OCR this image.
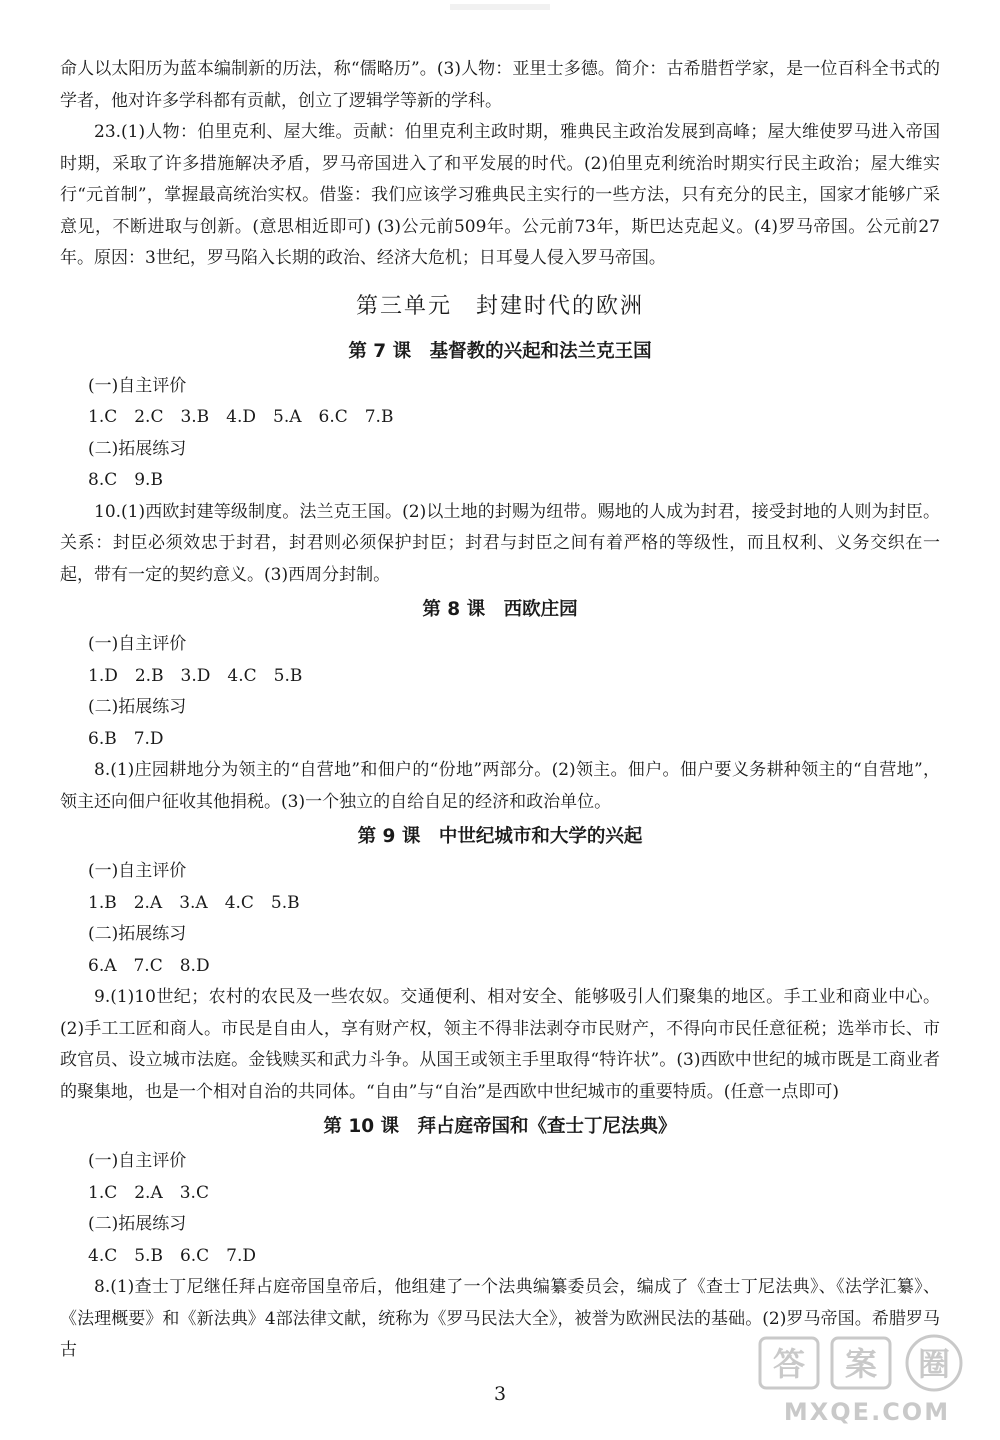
命人以太阳历为蓝本编制新的历法，称“儒略历”。(3)人物：亚里士多德。简介：古希腊哲学家，是一位百科全书式的学者，他对许多学科都有贡献，创立了逻辑学等新的学科。

23.(1)人物：伯里克利、屋大维。贡献：伯里克利主政时期，雅典民主政治发展到高峰；屋大维使罗马进入帝国时期，采取了许多措施解决矛盾，罗马帝国进入了和平发展的时代。(2)伯里克利统治时期实行民主政治；屋大维实行“元首制”，掌握最高统治实权。借鉴：我们应该学习雅典民主实行的一些方法，只有充分的民主，国家才能够广采意见，不断进取与创新。(意思相近即可) (3)公元前509年。公元前73年，斯巴达克起义。(4)罗马帝国。公元前27年。原因：3世纪，罗马陷入长期的政治、经济大危机；日耳曼人侵入罗马帝国。

第三单元　封建时代的欧洲
第 7 课　基督教的兴起和法兰克王国

(一)自主评价

1.C　2.C　3.B　4.D　5.A　6.C　7.B

(二)拓展练习

8.C　9.B

10.(1)西欧封建等级制度。法兰克王国。(2)以土地的封赐为纽带。赐地的人成为封君，接受封地的人则为封臣。关系：封臣必须效忠于封君，封君则必须保护封臣；封君与封臣之间有着严格的等级性，而且权利、义务交织在一起，带有一定的契约意义。(3)西周分封制。

第 8 课　西欧庄园

(一)自主评价

1.D　2.B　3.D　4.C　5.B

(二)拓展练习

6.B　7.D

8.(1)庄园耕地分为领主的“自营地”和佃户的“份地”两部分。(2)领主。佃户。佃户要义务耕种领主的“自营地”，领主还向佃户征收其他捐税。(3)一个独立的自给自足的经济和政治单位。

第 9 课　中世纪城市和大学的兴起

(一)自主评价

1.B　2.A　3.A　4.C　5.B

(二)拓展练习

6.A　7.C　8.D

9.(1)10世纪；农村的农民及一些农奴。交通便利、相对安全、能够吸引人们聚集的地区。手工业和商业中心。(2)手工工匠和商人。市民是自由人，享有财产权，领主不得非法剥夺市民财产，不得向市民任意征税；选举市长、市政官员、设立城市法庭。金钱赎买和武力斗争。从国王或领主手里取得“特许状”。(3)西欧中世纪的城市既是工商业者的聚集地，也是一个相对自治的共同体。“自由”与“自治”是西欧中世纪城市的重要特质。(任意一点即可)

第 10 课　拜占庭帝国和《查士丁尼法典》

(一)自主评价

1.C　2.A　3.C

(二)拓展练习

4.C　5.B　6.C　7.D

8.(1)查士丁尼继任拜占庭帝国皇帝后，他组建了一个法典编纂委员会，编成了《查士丁尼法典》、《法学汇纂》、《法理概要》和《新法典》4部法律文献，统称为《罗马民法大全》，被誉为欧洲民法的基础。(2)罗马帝国。希腊罗马古

3
答 案 圈
MXQE.COM
